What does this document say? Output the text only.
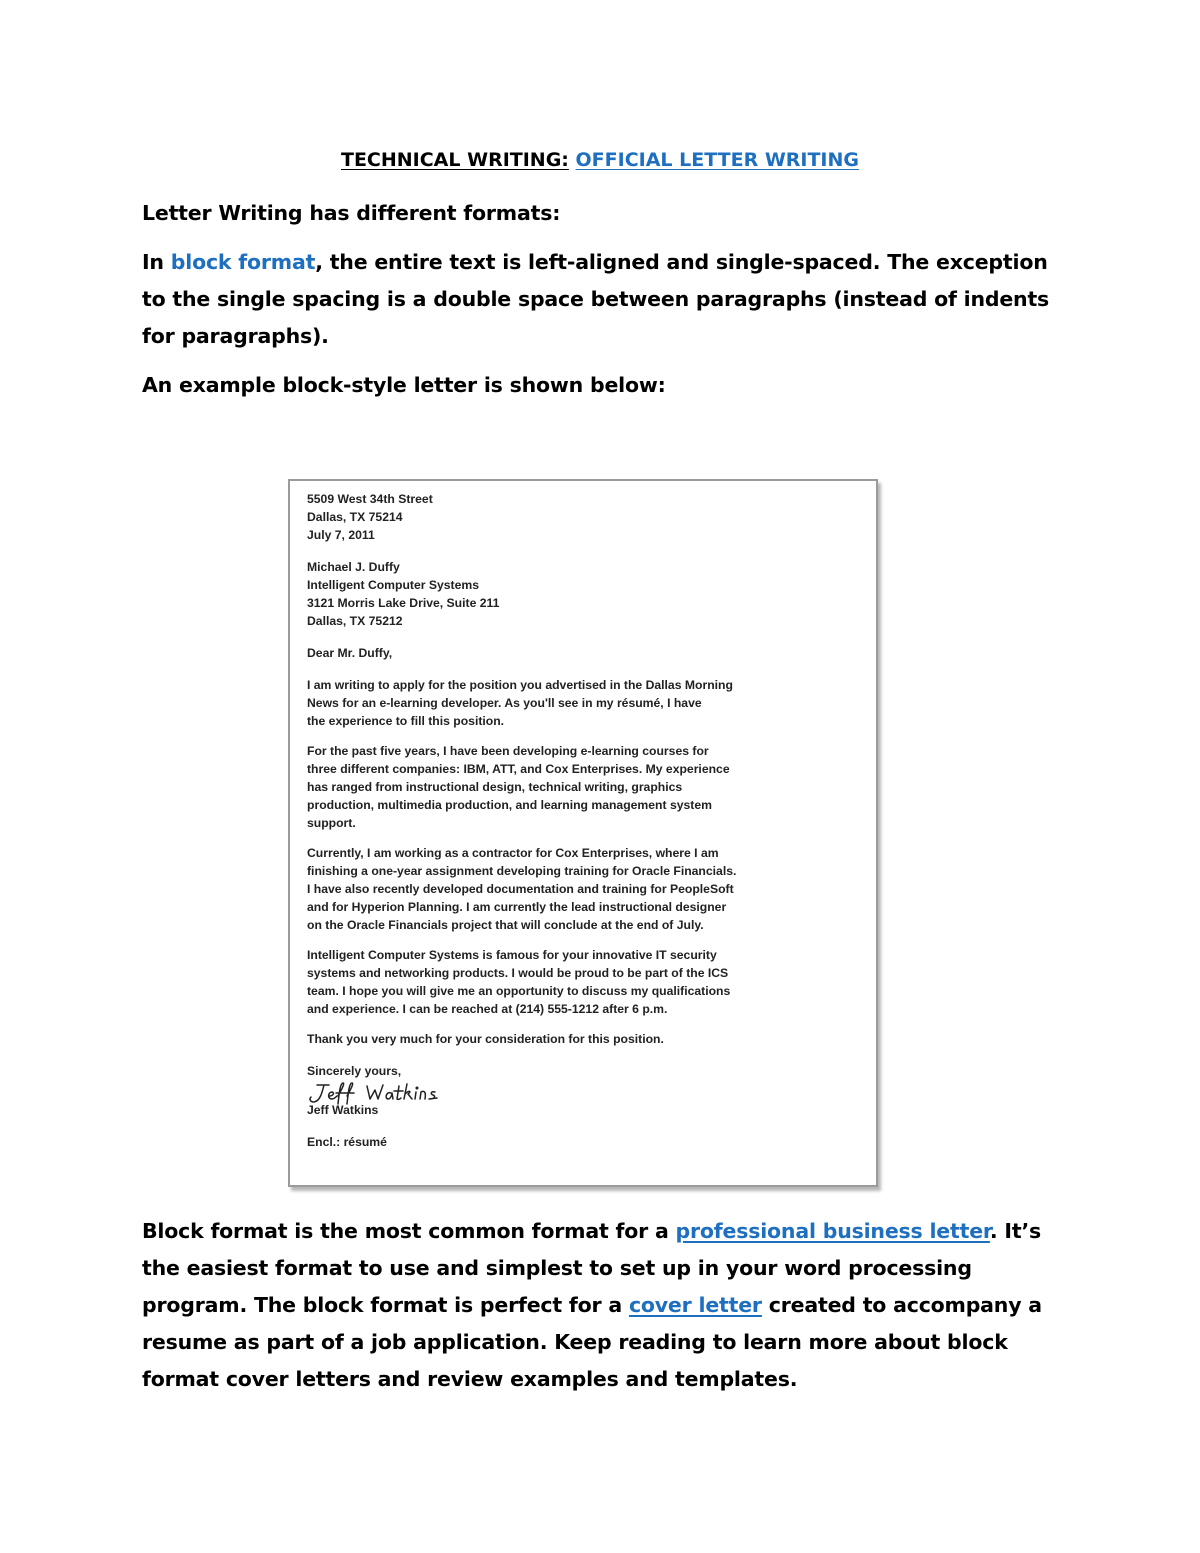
TECHNICAL WRITING: OFFICIAL LETTER WRITING

Letter Writing has different formats:

In block format, the entire text is left-aligned and single-spaced. The exception to the single spacing is a double space between paragraphs (instead of indents for paragraphs).

An example block-style letter is shown below:

5509 West 34th Street
Dallas, TX 75214
July 7, 2011
Michael J. Duffy
Intelligent Computer Systems
3121 Morris Lake Drive, Suite 211
Dallas, TX 75212
Dear Mr. Duffy,
I am writing to apply for the position you advertised in the Dallas Morning
News for an e-learning developer. As you'll see in my résumé, I have
the experience to fill this position.
For the past five years, I have been developing e-learning courses for
three different companies: IBM, ATT, and Cox Enterprises. My experience
has ranged from instructional design, technical writing, graphics
production, multimedia production, and learning management system
support.
Currently, I am working as a contractor for Cox Enterprises, where I am
finishing a one-year assignment developing training for Oracle Financials.
I have also recently developed documentation and training for PeopleSoft
and for Hyperion Planning. I am currently the lead instructional designer
on the Oracle Financials project that will conclude at the end of July.
Intelligent Computer Systems is famous for your innovative IT security
systems and networking products. I would be proud to be part of the ICS
team. I hope you will give me an opportunity to discuss my qualifications
and experience. I can be reached at (214) 555-1212 after 6 p.m.
Thank you very much for your consideration for this position.
Sincerely yours,
Jeff Watkins
Encl.: résumé

Block format is the most common format for a professional business letter. It’s the easiest format to use and simplest to set up in your word processing program. The block format is perfect for a cover letter created to accompany a resume as part of a job application. Keep reading to learn more about block format cover letters and review examples and templates.
